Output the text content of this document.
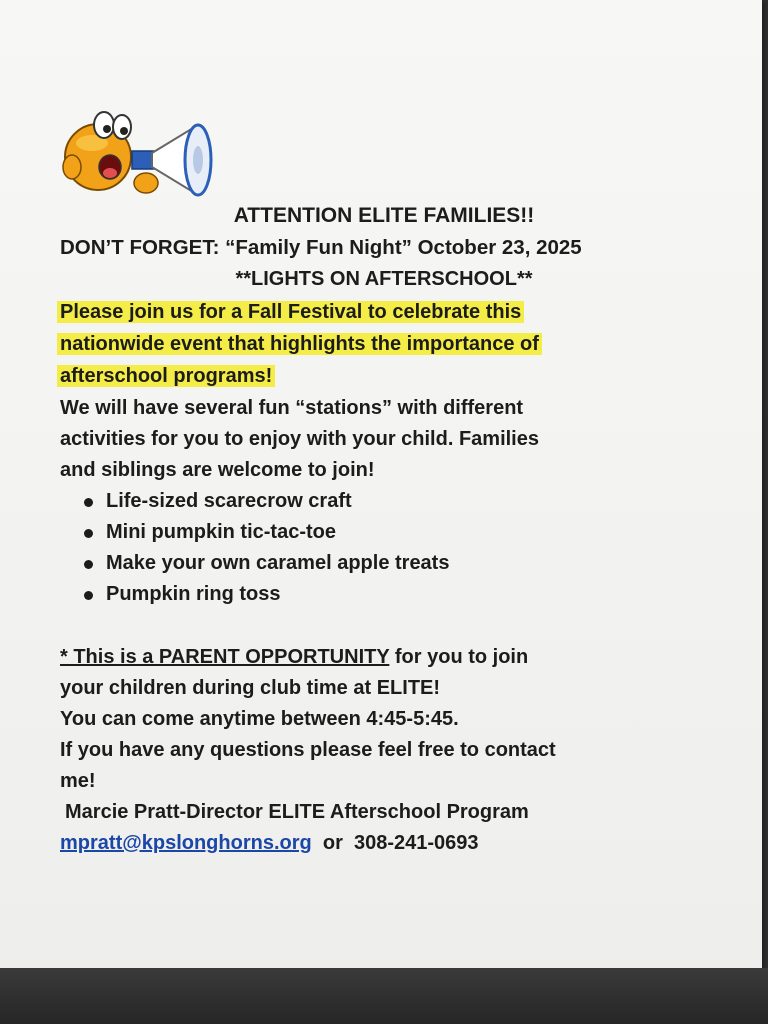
ATTENTION ELITE FAMILIES!!
DON’T FORGET: “Family Fun Night” October 23, 2025
**LIGHTS ON AFTERSCHOOL**
Please join us for a Fall Festival to celebrate this
nationwide event that highlights the importance of
afterschool programs!
We will have several fun “stations” with different
activities for you to enjoy with your child. Families
and siblings are welcome to join!
Life-sized scarecrow craft
Mini pumpkin tic-tac-toe
Make your own caramel apple treats
Pumpkin ring toss
* This is a PARENT OPPORTUNITY for you to join
your children during club time at ELITE!
You can come anytime between 4:45-5:45.
If you have any questions please feel free to contact
me!
Marcie Pratt-Director ELITE Afterschool Program
mpratt@kpslonghorns.org  or  308-241-0693
